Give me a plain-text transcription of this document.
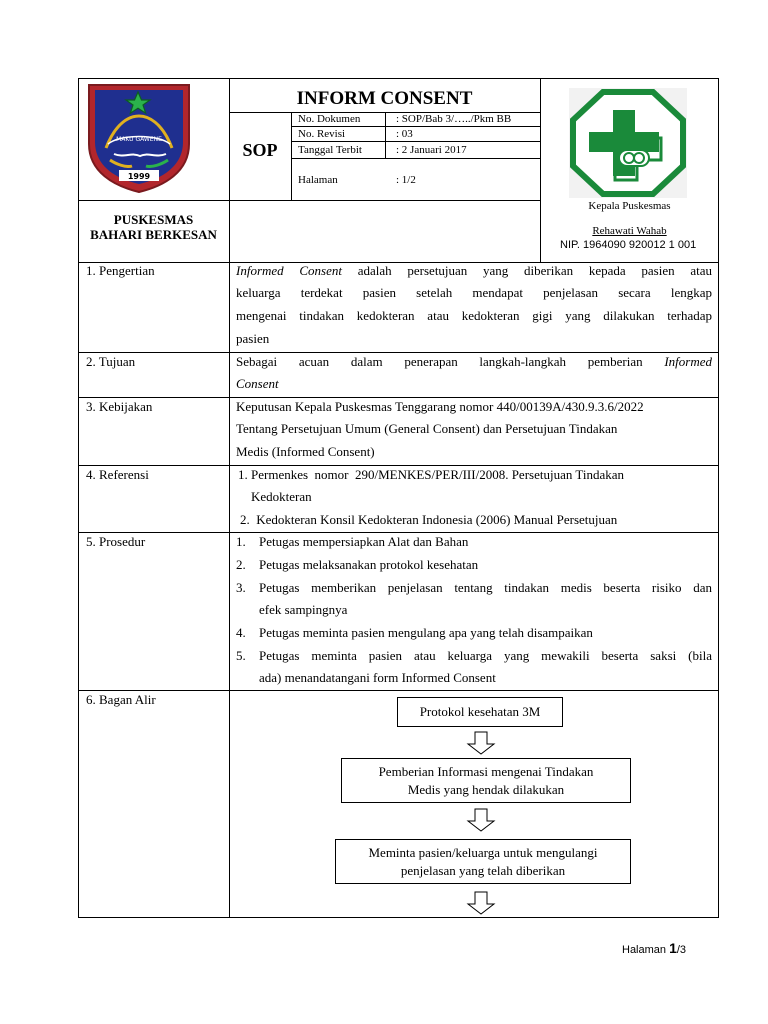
MAKU GAWENE
1999
INFORM CONSENT
SOP
No. Dokumen	: SOP/Bab 3/…../Pkm BB
No. Revisi	: 03
Tanggal Terbit	: 2 Januari 2017
Halaman	: 1/2
PUSKESMAS
BAHARI BERKESAN
Kepala Puskesmas
Rehawati Wahab
NIP. 1964090 920012 1 001
1. Pengertian	Informed Consent adalah persetujuan yang diberikan kepada pasien atau
keluarga terdekat pasien setelah mendapat penjelasan secara lengkap
mengenai tindakan kedokteran atau kedokteran gigi yang dilakukan terhadap
pasien
2. Tujuan	Sebagai acuan dalam penerapan langkah-langkah pemberian Informed
Consent
3. Kebijakan	Keputusan Kepala Puskesmas Tenggarang nomor 440/00139A/430.9.3.6/2022
Tentang Persetujuan Umum (General Consent) dan Persetujuan Tindakan
Medis (Informed Consent)
4. Referensi	1. Permenkes  nomor  290/MENKES/PER/III/2008. Persetujuan Tindakan
Kedokteran
2.  Kedokteran Konsil Kedokteran Indonesia (2006) Manual Persetujuan
5. Prosedur	1. Petugas mempersiapkan Alat dan Bahan
2. Petugas melaksanakan protokol kesehatan
3. Petugas memberikan penjelasan tentang tindakan medis beserta risiko dan
efek sampingnya
4. Petugas meminta pasien mengulang apa yang telah disampaikan
5. Petugas meminta pasien atau keluarga yang mewakili beserta saksi (bila
ada) menandatangani form Informed Consent
6. Bagan Alir
Protokol kesehatan 3M
Pemberian Informasi mengenai Tindakan
Medis yang hendak dilakukan
Meminta pasien/keluarga untuk mengulangi
penjelasan yang telah diberikan
Halaman 1/3
